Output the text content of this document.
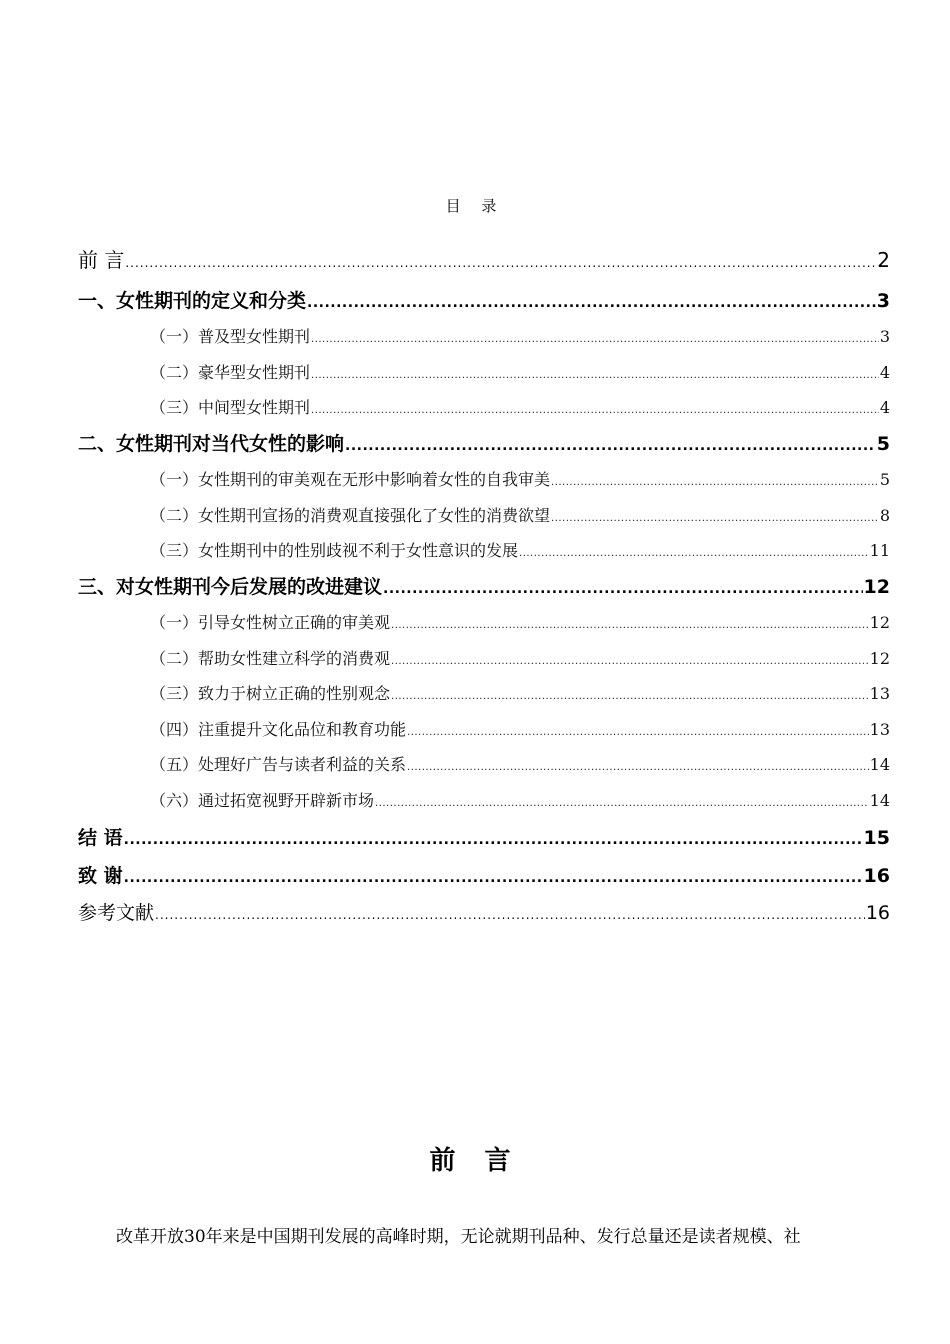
目 录
前 言 .....	2
一、女性期刊的定义和分类 .....	3
（一）普及型女性期刊 .....	3
（二）豪华型女性期刊 .....	4
（三）中间型女性期刊 .....	4
二、女性期刊对当代女性的影响 .....	5
（一）女性期刊的审美观在无形中影响着女性的自我审美 .....	5
（二）女性期刊宣扬的消费观直接强化了女性的消费欲望 .....	8
（三）女性期刊中的性别歧视不利于女性意识的发展 .....	11
三、对女性期刊今后发展的改进建议 .....	12
（一）引导女性树立正确的审美观 .....	12
（二）帮助女性建立科学的消费观 .....	12
（三）致力于树立正确的性别观念 .....	13
（四）注重提升文化品位和教育功能 .....	13
（五）处理好广告与读者利益的关系 .....	14
（六）通过拓宽视野开辟新市场 .....	14
结 语 .....	15
致 谢 .....	16
参考文献 .....	16
前 言
改革开放30年来是中国期刊发展的高峰时期，无论就期刊品种、发行总量还是读者规模、社
